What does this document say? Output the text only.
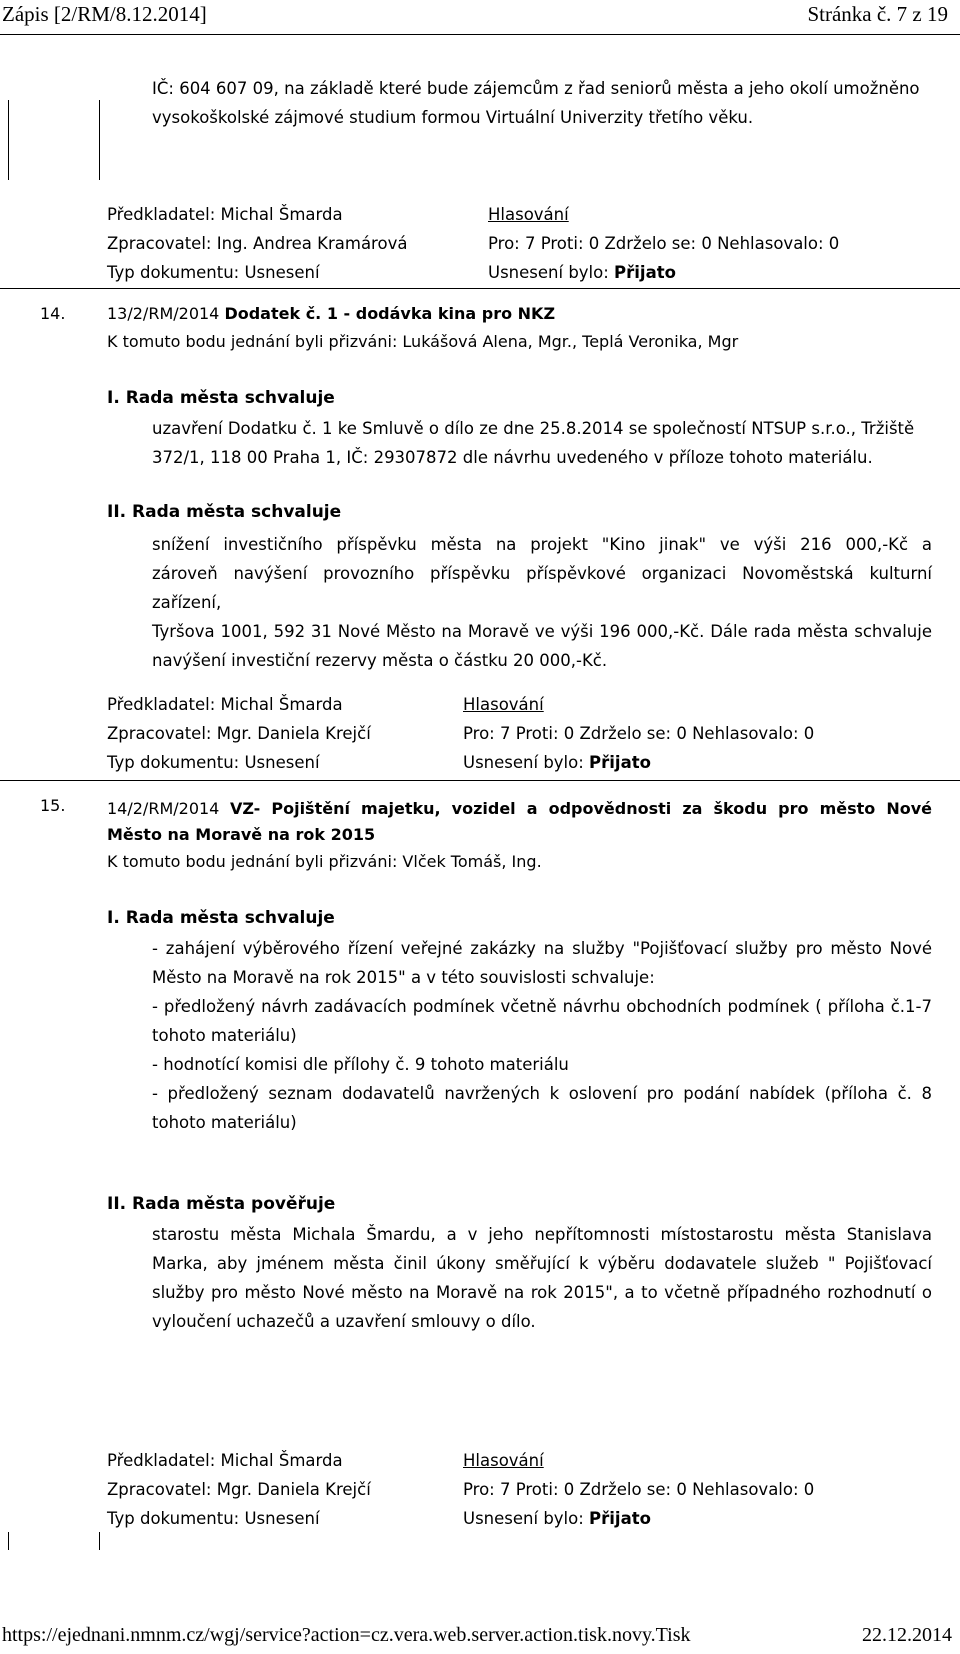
Zápis [2/RM/8.12.2014]	Stránka č. 7 z 19
IČ: 604 607 09, na základě které bude zájemcům z řad seniorů města a jeho okolí umožněno
vysokoškolské zájmové studium formou Virtuální Univerzity třetího věku.
Předkladatel: Michal Šmarda	Hlasování
Zpracovatel: Ing. Andrea Kramárová	Pro: 7 Proti: 0 Zdrželo se: 0 Nehlasovalo: 0
Typ dokumentu: Usnesení	Usnesení bylo: Přijato
14.	13/2/RM/2014 Dodatek č. 1 - dodávka kina pro NKZ
K tomuto bodu jednání byli přizváni: Lukášová Alena, Mgr., Teplá Veronika, Mgr
I. Rada města schvaluje
uzavření Dodatku č. 1 ke Smluvě o dílo ze dne 25.8.2014 se společností NTSUP s.r.o., Tržiště
372/1, 118 00 Praha 1, IČ: 29307872 dle návrhu uvedeného v příloze tohoto materiálu.
II. Rada města schvaluje
snížení investičního příspěvku města na projekt "Kino jinak" ve výši 216 000,-Kč a
zároveň navýšení provozního příspěvku příspěvkové organizaci Novoměstská kulturní zařízení,
Tyršova 1001, 592 31 Nové Město na Moravě ve výši 196 000,-Kč. Dále rada města schvaluje
navýšení investiční rezervy města o částku 20 000,-Kč.
Předkladatel: Michal Šmarda	Hlasování
Zpracovatel: Mgr. Daniela Krejčí	Pro: 7 Proti: 0 Zdrželo se: 0 Nehlasovalo: 0
Typ dokumentu: Usnesení	Usnesení bylo: Přijato
15.	14/2/RM/2014 VZ- Pojištění majetku, vozidel a odpovědnosti za škodu pro město Nové
Město na Moravě na rok 2015
K tomuto bodu jednání byli přizváni: Vlček Tomáš, Ing.
I. Rada města schvaluje
- zahájení výběrového řízení veřejné zakázky na služby "Pojišťovací služby pro město Nové
Město na Moravě na rok 2015" a v této souvislosti schvaluje:
- předložený návrh zadávacích podmínek včetně návrhu obchodních podmínek ( příloha č.1-7
tohoto materiálu)
- hodnotící komisi dle přílohy č. 9 tohoto materiálu
- předložený seznam dodavatelů navržených k oslovení pro podání nabídek (příloha č. 8
tohoto materiálu)
II. Rada města pověřuje
starostu města Michala Šmardu, a v jeho nepřítomnosti místostarostu města Stanislava
Marka, aby jménem města činil úkony směřující k výběru dodavatele služeb " Pojišťovací
služby pro město Nové město na Moravě na rok 2015", a to včetně případného rozhodnutí o
vyloučení uchazečů a uzavření smlouvy o dílo.
Předkladatel: Michal Šmarda	Hlasování
Zpracovatel: Mgr. Daniela Krejčí	Pro: 7 Proti: 0 Zdrželo se: 0 Nehlasovalo: 0
Typ dokumentu: Usnesení	Usnesení bylo: Přijato
https://ejednani.nmnm.cz/wgj/service?action=cz.vera.web.server.action.tisk.novy.Tisk	22.12.2014
